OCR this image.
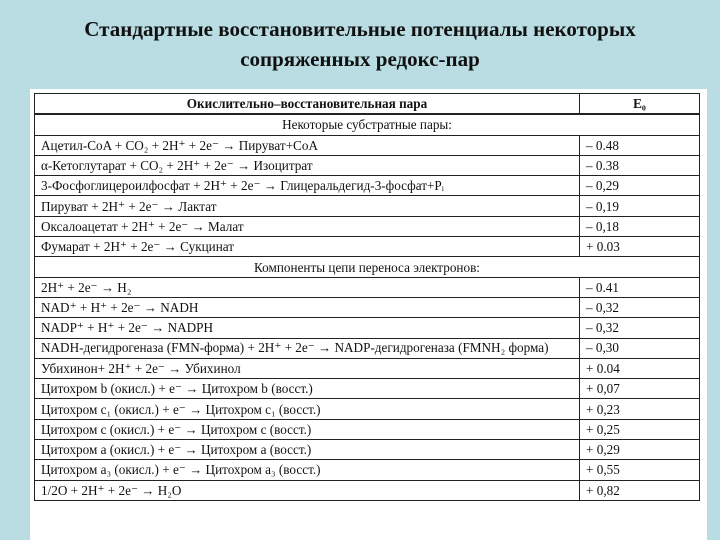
Стандартные восстановительные потенциалы некоторых
сопряженных редокс-пар
Окислительно–восстановительная пара	E₀
Некоторые субстратные пары:	
Ацетил-CoA + CO₂ + 2H⁺ + 2e⁻ → Пируват+CoA	– 0.48
α-Кетоглутарат + CO₂ + 2H⁺ + 2e⁻ → Изоцитрат	– 0.38
3-Фосфоглицероилфосфат + 2H⁺ + 2e⁻ → Глицеральдегид-3-фосфат+Pᵢ	– 0,29
Пируват + 2H⁺ + 2e⁻ → Лактат	– 0,19
Оксалоацетат + 2H⁺ + 2e⁻ → Малат	– 0,18
Фумарат + 2H⁺ + 2e⁻ → Сукцинат	+ 0.03
Компоненты цепи переноса электронов:	
2H⁺ + 2e⁻ → H₂	– 0.41
NAD⁺ + H⁺ + 2e⁻ → NADH	– 0,32
NADP⁺ + H⁺ + 2e⁻ → NADPH	– 0,32
NADH-дегидрогеназа (FMN-форма) + 2H⁺ + 2e⁻ → NADP-дегидрогеназа (FMNH₂ форма)	– 0,30
Убихинон+ 2H⁺ + 2e⁻ → Убихинол	+ 0.04
Цитохром b (окисл.) + e⁻ → Цитохром b (восст.)	+ 0,07
Цитохром c₁ (окисл.) + e⁻ → Цитохром c₁ (восст.)	+ 0,23
Цитохром c (окисл.) + e⁻ → Цитохром c (восст.)	+ 0,25
Цитохром a (окисл.) + e⁻ → Цитохром a (восст.)	+ 0,29
Цитохром a₃ (окисл.) + e⁻ → Цитохром a₃ (восст.)	+ 0,55
1/2O + 2H⁺ + 2e⁻ → H₂O	+ 0,82
